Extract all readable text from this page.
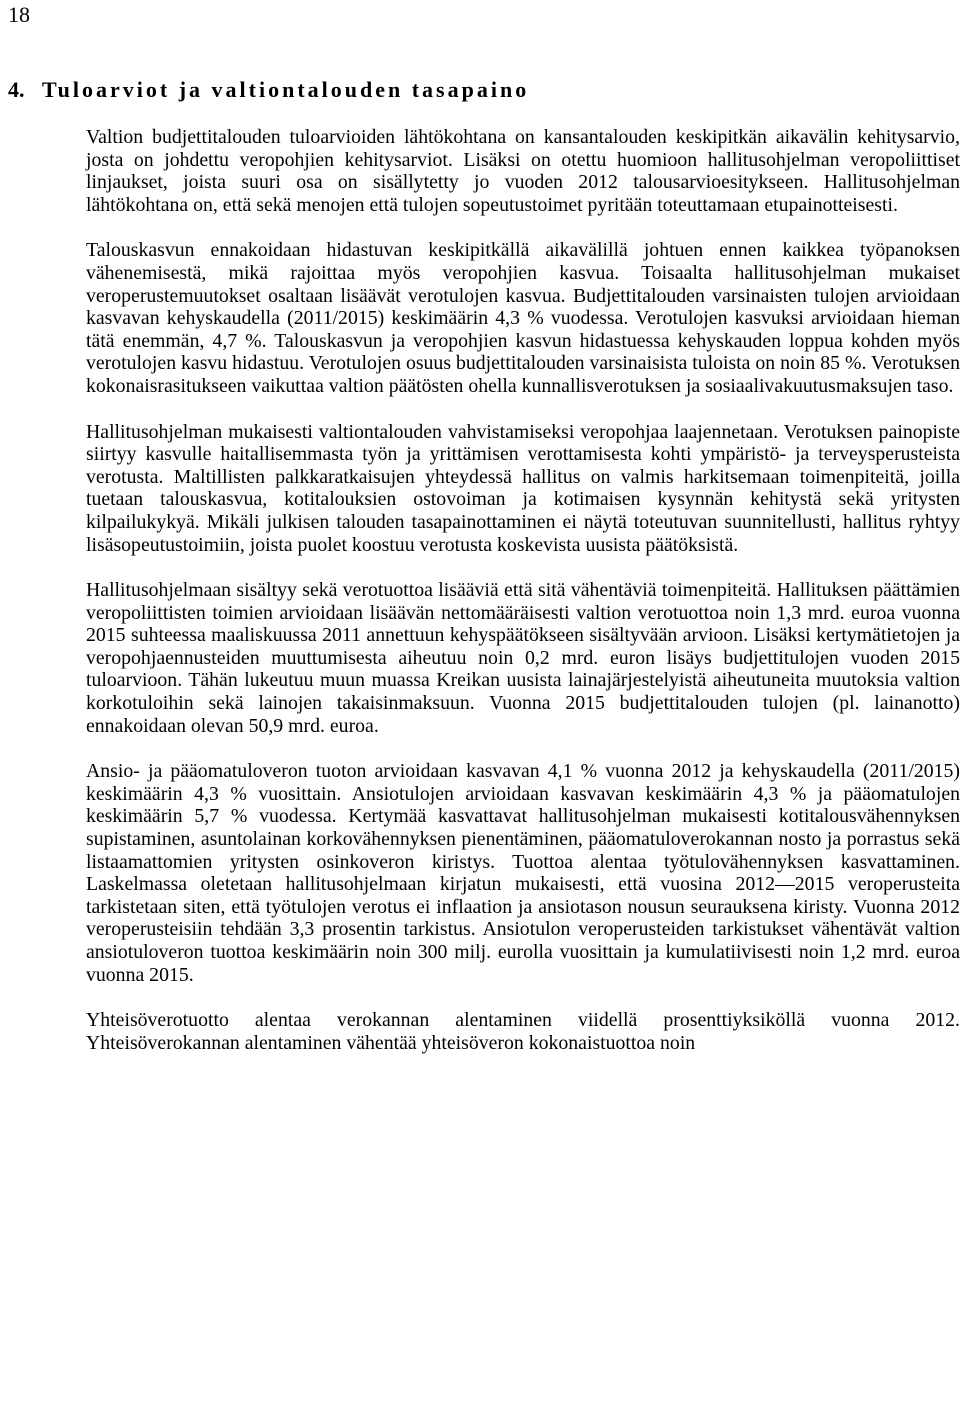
18
4. Tuloarviot ja valtiontalouden tasapaino

Valtion budjettitalouden tuloarvioiden lähtökohtana on kansantalouden keskipitkän aikavälin kehitysarvio, josta on johdettu veropohjien kehitysarviot. Lisäksi on otettu huomioon hallitusohjelman veropoliittiset linjaukset, joista suuri osa on sisällytetty jo vuoden 2012 talousarvioesitykseen. Hallitusohjelman lähtökohtana on, että sekä menojen että tulojen sopeutustoimet pyritään toteuttamaan etupainotteisesti.

Talouskasvun ennakoidaan hidastuvan keskipitkällä aikavälillä johtuen ennen kaikkea työpanoksen vähenemisestä, mikä rajoittaa myös veropohjien kasvua. Toisaalta hallitusohjelman mukaiset veroperustemuutokset osaltaan lisäävät verotulojen kasvua. Budjettitalouden varsinaisten tulojen arvioidaan kasvavan kehyskaudella (2011/2015) keskimäärin 4,3 % vuodessa. Verotulojen kasvuksi arvioidaan hieman tätä enemmän, 4,7 %. Talouskasvun ja veropohjien kasvun hidastuessa kehyskauden loppua kohden myös verotulojen kasvu hidastuu. Verotulojen osuus budjettitalouden varsinaisista tuloista on noin 85 %. Verotuksen kokonaisrasitukseen vaikuttaa valtion päätösten ohella kunnallisverotuksen ja sosiaalivakuutusmaksujen taso.

Hallitusohjelman mukaisesti valtiontalouden vahvistamiseksi veropohjaa laajennetaan. Verotuksen painopiste siirtyy kasvulle haitallisemmasta työn ja yrittämisen verottamisesta kohti ympäristö- ja terveysperusteista verotusta. Maltillisten palkkaratkaisujen yhteydessä hallitus on valmis harkitsemaan toimenpiteitä, joilla tuetaan talouskasvua, kotitalouksien ostovoiman ja kotimaisen kysynnän kehitystä sekä yritysten kilpailukykyä. Mikäli julkisen talouden tasapainottaminen ei näytä toteutuvan suunnitellusti, hallitus ryhtyy lisäsopeutustoimiin, joista puolet koostuu verotusta koskevista uusista päätöksistä.

Hallitusohjelmaan sisältyy sekä verotuottoa lisääviä että sitä vähentäviä toimenpiteitä. Hallituksen päättämien veropoliittisten toimien arvioidaan lisäävän nettomääräisesti valtion verotuottoa noin 1,3 mrd. euroa vuonna 2015 suhteessa maaliskuussa 2011 annettuun kehyspäätökseen sisältyvään arvioon. Lisäksi kertymätietojen ja veropohjaennusteiden muuttumisesta aiheutuu noin 0,2 mrd. euron lisäys budjettitulojen vuoden 2015 tuloarvioon. Tähän lukeutuu muun muassa Kreikan uusista lainajärjestelyistä aiheutuneita muutoksia valtion korkotuloihin sekä lainojen takaisinmaksuun. Vuonna 2015 budjettitalouden tulojen (pl. lainanotto) ennakoidaan olevan 50,9 mrd. euroa.

Ansio- ja pääomatuloveron tuoton arvioidaan kasvavan 4,1 % vuonna 2012 ja kehyskaudella (2011/2015) keskimäärin 4,3 % vuosittain. Ansiotulojen arvioidaan kasvavan keskimäärin 4,3 % ja pääomatulojen keskimäärin 5,7 % vuodessa. Kertymää kasvattavat hallitusohjelman mukaisesti kotitalousvähennyksen supistaminen, asuntolainan korkovähennyksen pienentäminen, pääomatuloverokannan nosto ja porrastus sekä listaamattomien yritysten osinkoveron kiristys. Tuottoa alentaa työtulovähennyksen kasvattaminen. Laskelmassa oletetaan hallitusohjelmaan kirjatun mukaisesti, että vuosina 2012—2015 veroperusteita tarkistetaan siten, että työtulojen verotus ei inflaation ja ansiotason nousun seurauksena kiristy. Vuonna 2012 veroperusteisiin tehdään 3,3 prosentin tarkistus. Ansiotulon veroperusteiden tarkistukset vähentävät valtion ansiotuloveron tuottoa keskimäärin noin 300 milj. eurolla vuosittain ja kumulatiivisesti noin 1,2 mrd. euroa vuonna 2015.

Yhteisöverotuotto alentaa verokannan alentaminen viidellä prosenttiyksiköllä vuonna 2012. Yhteisöverokannan alentaminen vähentää yhteisöveron kokonaistuottoa noin
